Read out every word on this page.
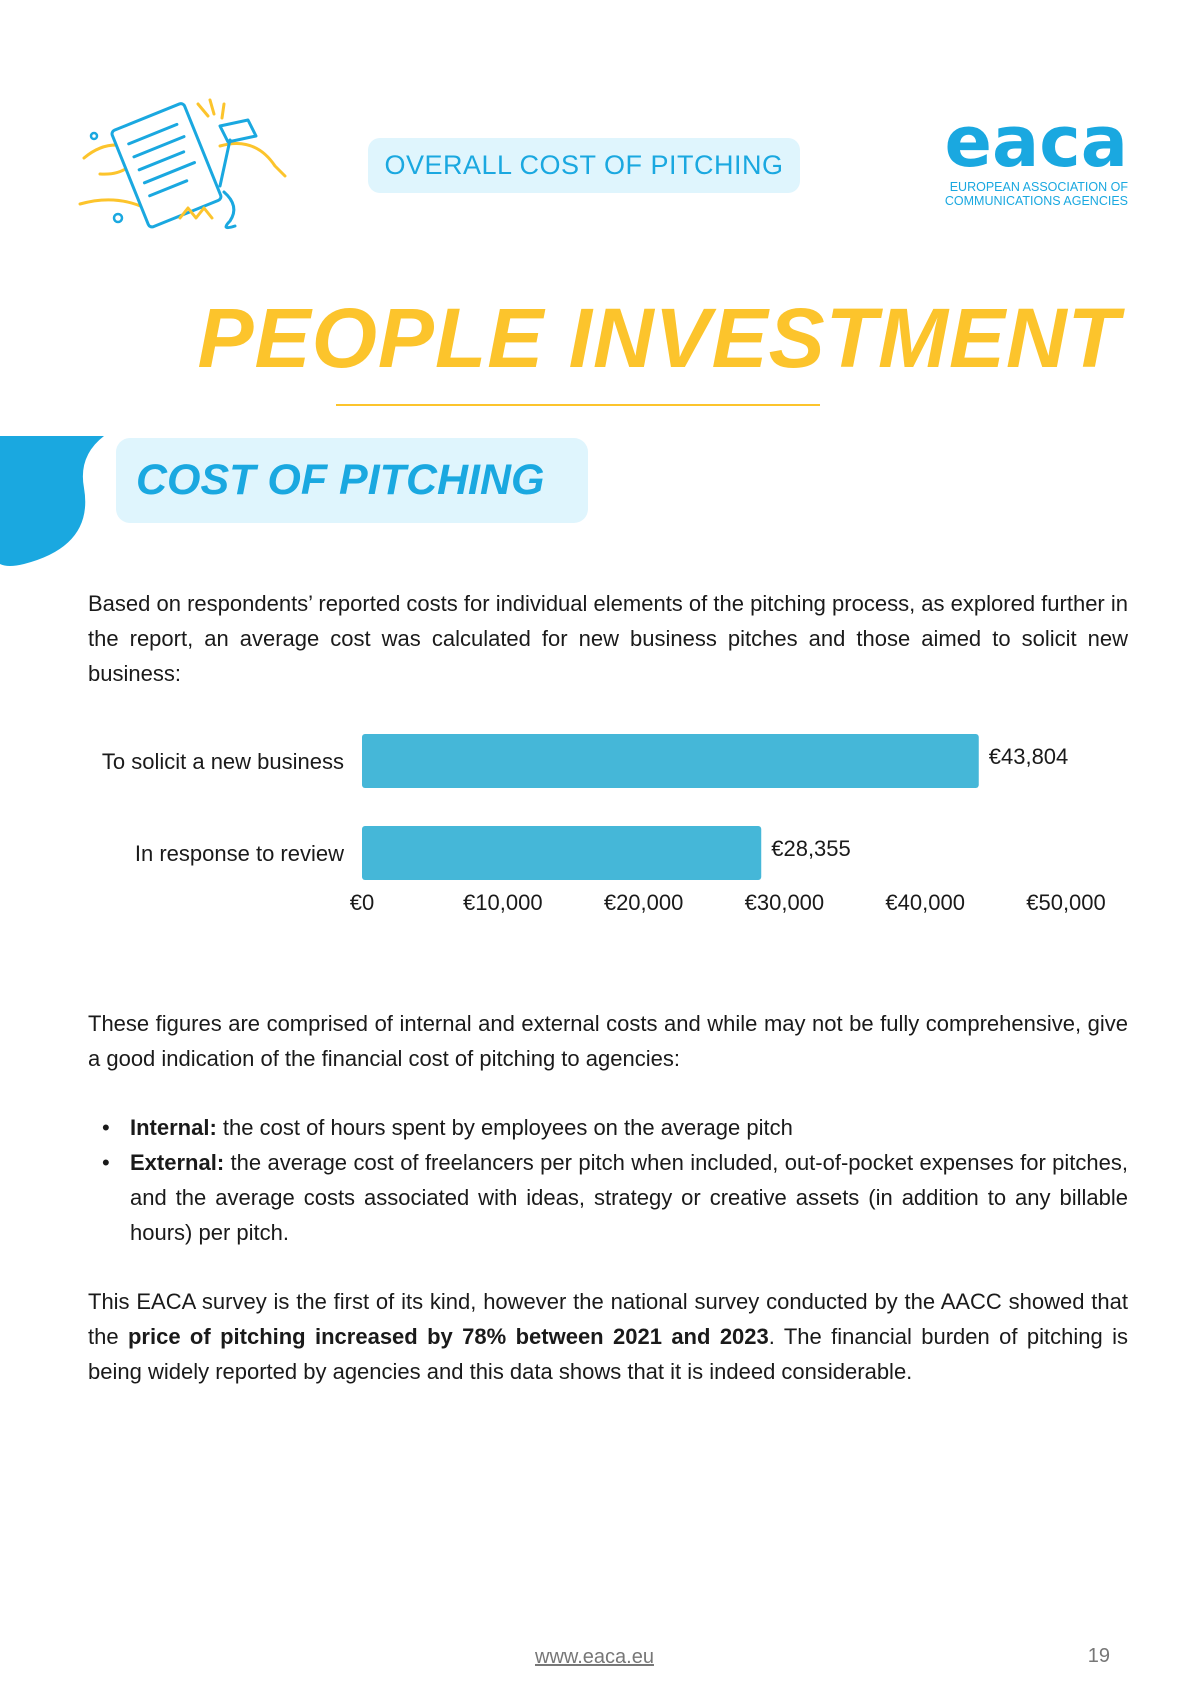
OVERALL COST OF PITCHING eaca
EUROPEAN ASSOCIATION OF
COMMUNICATIONS AGENCIES
PEOPLE INVESTMENT
COST OF PITCHING
Based on respondents’ reported costs for individual elements of the pitching process, as explored further in the report, an average cost was calculated for new business pitches and those aimed to solicit new business:
To solicit a new business	€43,804
In response to review	€28,355
€0	€10,000	€20,000	€30,000	€40,000	€50,000
These figures are comprised of internal and external costs and while may not be fully comprehensive, give a good indication of the financial cost of pitching to agencies:
• Internal: the cost of hours spent by employees on the average pitch
• External: the average cost of freelancers per pitch when included, out-of-pocket expenses for pitches, and the average costs associated with ideas, strategy or creative assets (in addition to any billable hours) per pitch.
This EACA survey is the first of its kind, however the national survey conducted by the AACC showed that the price of pitching increased by 78% between 2021 and 2023. The financial burden of pitching is being widely reported by agencies and this data shows that it is indeed considerable.
www.eaca.eu	19
